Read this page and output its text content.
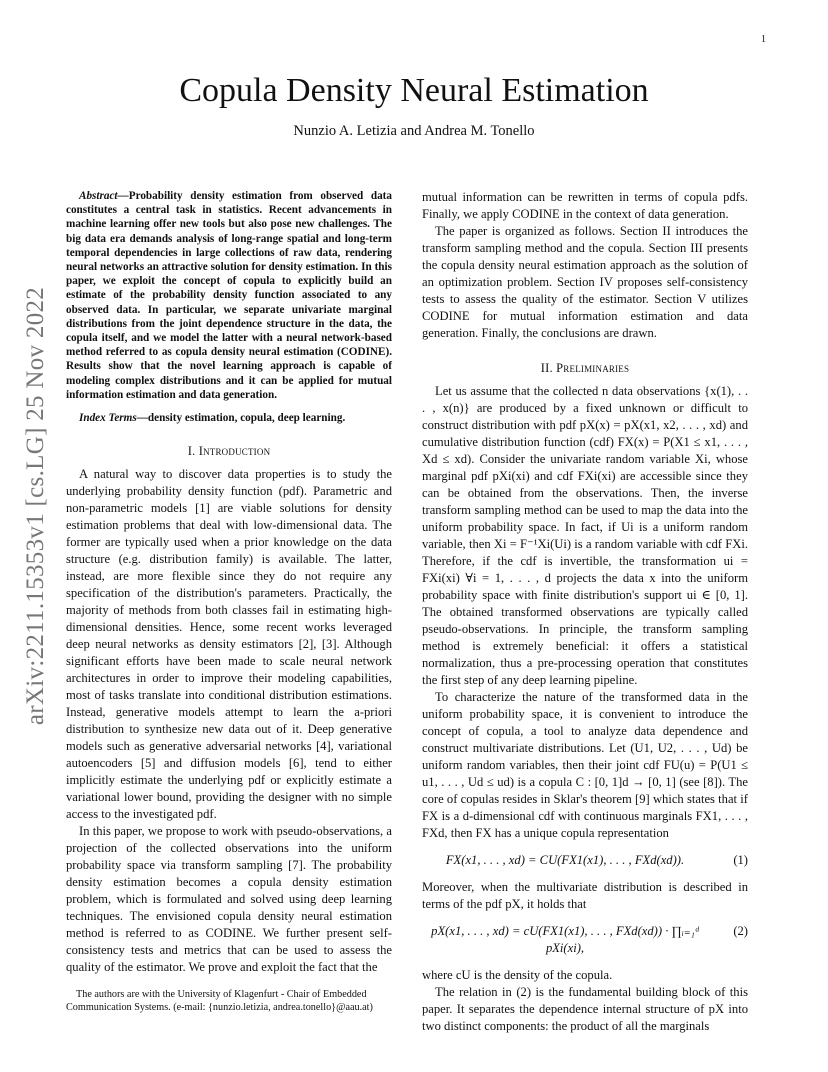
1
arXiv:2211.15353v1 [cs.LG] 25 Nov 2022
Copula Density Neural Estimation
Nunzio A. Letizia and Andrea M. Tonello
Abstract—Probability density estimation from observed data constitutes a central task in statistics. Recent advancements in machine learning offer new tools but also pose new challenges. The big data era demands analysis of long-range spatial and long-term temporal dependencies in large collections of raw data, rendering neural networks an attractive solution for density estimation. In this paper, we exploit the concept of copula to explicitly build an estimate of the probability density function associated to any observed data. In particular, we separate univariate marginal distributions from the joint dependence structure in the data, the copula itself, and we model the latter with a neural network-based method referred to as copula density neural estimation (CODINE). Results show that the novel learning approach is capable of modeling complex distributions and it can be applied for mutual information estimation and data generation.
Index Terms—density estimation, copula, deep learning.
I. Introduction

A natural way to discover data properties is to study the underlying probability density function (pdf). Parametric and non-parametric models [1] are viable solutions for density estimation problems that deal with low-dimensional data. The former are typically used when a prior knowledge on the data structure (e.g. distribution family) is available. The latter, instead, are more flexible since they do not require any specification of the distribution's parameters. Practically, the majority of methods from both classes fail in estimating high-dimensional densities. Hence, some recent works leveraged deep neural networks as density estimators [2], [3]. Although significant efforts have been made to scale neural network architectures in order to improve their modeling capabilities, most of tasks translate into conditional distribution estimations. Instead, generative models attempt to learn the a-priori distribution to synthesize new data out of it. Deep generative models such as generative adversarial networks [4], variational autoencoders [5] and diffusion models [6], tend to either implicitly estimate the underlying pdf or explicitly estimate a variational lower bound, providing the designer with no simple access to the investigated pdf.

In this paper, we propose to work with pseudo-observations, a projection of the collected observations into the uniform probability space via transform sampling [7]. The probability density estimation becomes a copula density estimation problem, which is formulated and solved using deep learning techniques. The envisioned copula density neural estimation method is referred to as CODINE. We further present self-consistency tests and metrics that can be used to assess the quality of the estimator. We prove and exploit the fact that the

The authors are with the University of Klagenfurt - Chair of Embedded Communication Systems. (e-mail: {nunzio.letizia, andrea.tonello}@aau.at)

mutual information can be rewritten in terms of copula pdfs. Finally, we apply CODINE in the context of data generation.

The paper is organized as follows. Section II introduces the transform sampling method and the copula. Section III presents the copula density neural estimation approach as the solution of an optimization problem. Section IV proposes self-consistency tests to assess the quality of the estimator. Section V utilizes CODINE for mutual information estimation and data generation. Finally, the conclusions are drawn.

II. Preliminaries

Let us assume that the collected n data observations {x(1), . . . , x(n)} are produced by a fixed unknown or difficult to construct distribution with pdf pX(x) = pX(x1, x2, . . . , xd) and cumulative distribution function (cdf) FX(x) = P(X1 ≤ x1, . . . , Xd ≤ xd). Consider the univariate random variable Xi, whose marginal pdf pXi(xi) and cdf FXi(xi) are accessible since they can be obtained from the observations. Then, the inverse transform sampling method can be used to map the data into the uniform probability space. In fact, if Ui is a uniform random variable, then Xi = F⁻¹Xi(Ui) is a random variable with cdf FXi. Therefore, if the cdf is invertible, the transformation ui = FXi(xi) ∀i = 1, . . . , d projects the data x into the uniform probability space with finite distribution's support ui ∈ [0, 1]. The obtained transformed observations are typically called pseudo-observations. In principle, the transform sampling method is extremely beneficial: it offers a statistical normalization, thus a pre-processing operation that constitutes the first step of any deep learning pipeline.

To characterize the nature of the transformed data in the uniform probability space, it is convenient to introduce the concept of copula, a tool to analyze data dependence and construct multivariate distributions. Let (U1, U2, . . . , Ud) be uniform random variables, then their joint cdf FU(u) = P(U1 ≤ u1, . . . , Ud ≤ ud) is a copula C : [0, 1]d → [0, 1] (see [8]). The core of copulas resides in Sklar's theorem [9] which states that if FX is a d-dimensional cdf with continuous marginals FX1, . . . , FXd, then FX has a unique copula representation

FX(x1, . . . , xd) = CU(FX1(x1), . . . , FXd(xd)).	(1)

Moreover, when the multivariate distribution is described in terms of the pdf pX, it holds that

pX(x1, . . . , xd) = cU(FX1(x1), . . . , FXd(xd)) · ∏ᵢ₌₁ᵈ pXi(xi),
(2)

where cU is the density of the copula.

The relation in (2) is the fundamental building block of this paper. It separates the dependence internal structure of pX into two distinct components: the product of all the marginals
